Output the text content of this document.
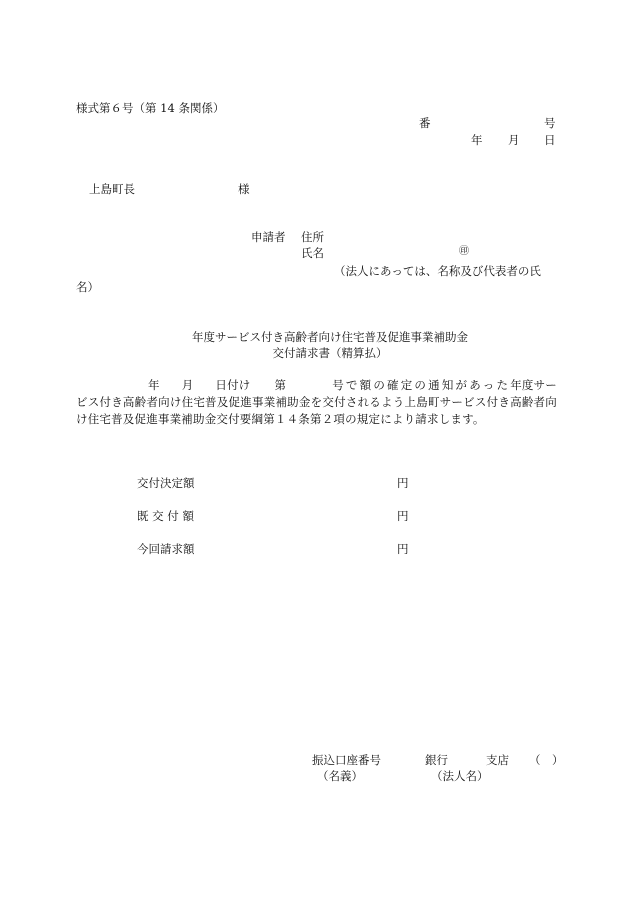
様式第６号（第 14 条関係）
番	号
年 月 日
上島町長	様
申請者 住所
氏名	㊞
（法人にあっては、名称及び代表者の氏
名）
年度サービス付き高齢者向け住宅普及促進事業補助金
交付請求書（精算払）
年 月 日付け 第	号で額の確定の通知があった年度サービス付き高齢者向け住宅普及促進事業補助金を交付されるよう上島町サービス付き高齢者向け住宅普及促進事業補助金交付要綱第１４条第２項の規定により請求します。
交付決定額	円
既 交 付 額	円
今回請求額	円
振込口座番号	銀行	支店 （　）
（名義）	（法人名）
